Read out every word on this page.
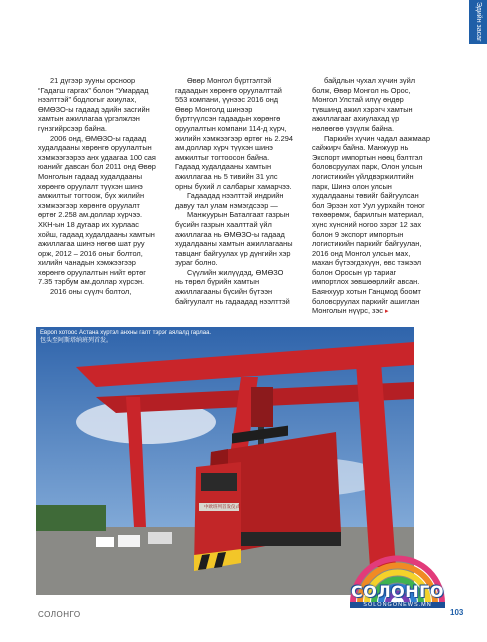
Эдийн засаг

21 дүгээр зууны орсноор “Гадагш гаргах” болон “Умардад нээлттэй” бодлогыг ахиулах, ӨМӨЗО-ы гадаад эдийн засгийн хамтын ажиллагаа үргэлжлэн гүнзгийрсээр байна.

2006 онд, ӨМӨЗО-ы гадаад худалдааны хөрөнгө оруулалтын хэмжээгээрээ анх удаагаа 100 сая юанийг давсан бол 2011 онд Өвөр Монголын гадаад худалдааны хөрөнгө оруулалт түүхэн шинэ амжилтыг тогтоож, бүх жилийн хэмжээгээр хөрөнгө оруулалт өртөг 2.258 ам.доллар хүрчээ. ХКН-ын 18 дугаар их хурлаас хойш, гадаад худалдааны хамтын ажиллагаа шинэ нөгөө шат руу орж, 2012 – 2016 оныг болтол, хилийн чанадын хэмжээгээр хөрөнгө оруулалтын нийт өртөг 7.35 тэрбум ам.доллар хүрсэн.

2016 оны сүүлч болтол,

Өвөр Монгол бүртгэлтэй гадаадын хөрөнгө оруулалттай 553 компани, үүнээс 2016 онд Өвөр Монголд шинээр бүртгүүлсэн гадаадын хөрөнгө оруулалтын компани 114-д хүрч, жилийн хэмжээгээр өртөг нь 2.294 ам.доллар хүрч түүхэн шинэ амжилтыг тогтоосон байна. Гадаад худалдааны хамтын ажиллагаа нь 5 тивийн 31 улс орны бүхий л салбарыг хамарчээ.

Гадаадад нээлттэй индрийн давуу тал улам нэмэгдсээр —

Манжуурын Баталгаат газрын бүсийн газрын хаалттай үйл ажиллагаа нь ӨМӨЗО-ы гадаад худалдааны хамтын ажиллагааны тавцанг байгуулах үр дүнгийн хэр зураг болно.

Сүүлийн жилүүдэд, ӨМӨЗО нь төрөл бүрийн хамтын ажиллагааны бүсийн бүтээн байгуулалт нь гадаадад нээлттэй

байдлын чухал хүчин зүйл болж, Өвөр Монгол нь Орос, Монгол Улстай илүү өндөр түвшинд ажил хэрэгч хамтын ажиллагааг ахиулахад үр нөлөөгөө үзүүлж байна.

Паркийн хүчин чадал аажмаар сайжирч байна. Манжуур нь Экспорт импортын нөөц бэлтгэл боловсруулах парк, Олон улсын логистикийн үйлдвэржилтийн парк, Шинэ олон улсын худалдааны төвийг байгуулсан бол Эрээн хот Уул уурхайн тоног төхөөрөмж, барилгын материал, хүнс хүнсний ногоо зэрэг 12 зах болон 9 экспорт импортын логистикийн паркийг байгуулан, 2016 онд Монгол улсын мах, махан бүтээгдэхүүн, өвс тэжээл болон Оросын үр тариаг импортлох зөвшөөрлийг авсан. Баянхуур хотын Ганцмод боомт боловсруулах паркийг ашиглан Монголын нүүрс, зэс ▸

中欧班列首发仪式
Европ хотоос Астана хүртэл анхны галт тэрэг аялалд гарлаа.
包头至阿斯塔纳班列首发。
СОЛОНГО
SOLONGONEWS.MN
СОЛОНГО	103
